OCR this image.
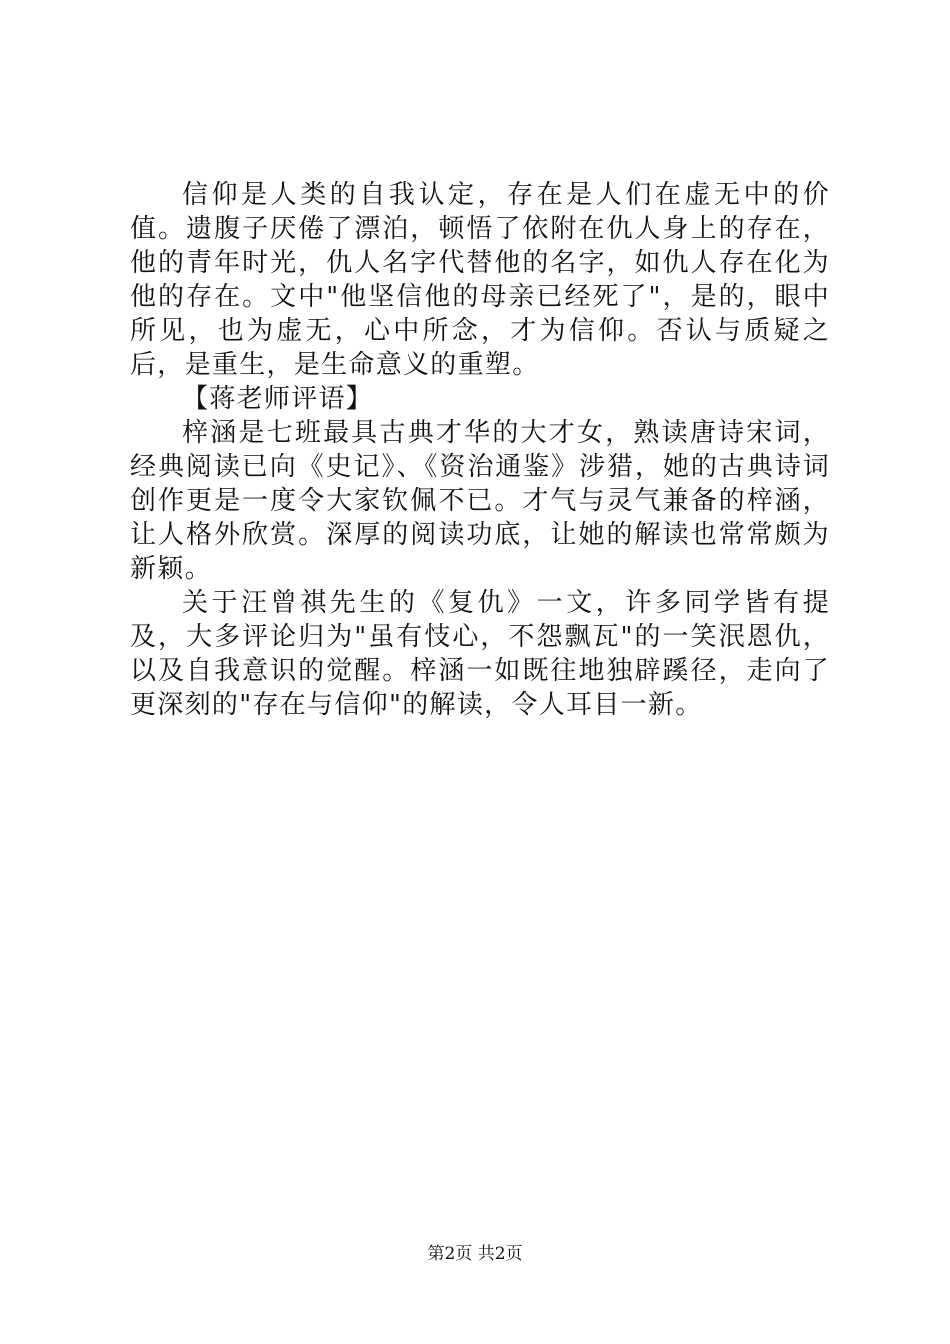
信仰是人类的自我认定，存在是人们在虚无中的价值。遗腹子厌倦了漂泊，顿悟了依附在仇人身上的存在，他的青年时光，仇人名字代替他的名字，如仇人存在化为他的存在。文中"他坚信他的母亲已经死了"，是的，眼中所见，也为虚无，心中所念，才为信仰。否认与质疑之后，是重生，是生命意义的重塑。

【蒋老师评语】

梓涵是七班最具古典才华的大才女，熟读唐诗宋词，经典阅读已向《史记》、《资治通鉴》涉猎，她的古典诗词创作更是一度令大家钦佩不已。才气与灵气兼备的梓涵，让人格外欣赏。深厚的阅读功底，让她的解读也常常颇为新颖。

关于汪曾祺先生的《复仇》一文，许多同学皆有提及，大多评论归为"虽有忮心，不怨飘瓦"的一笑泯恩仇，以及自我意识的觉醒。梓涵一如既往地独辟蹊径，走向了更深刻的"存在与信仰"的解读，令人耳目一新。

第2页 共2页
